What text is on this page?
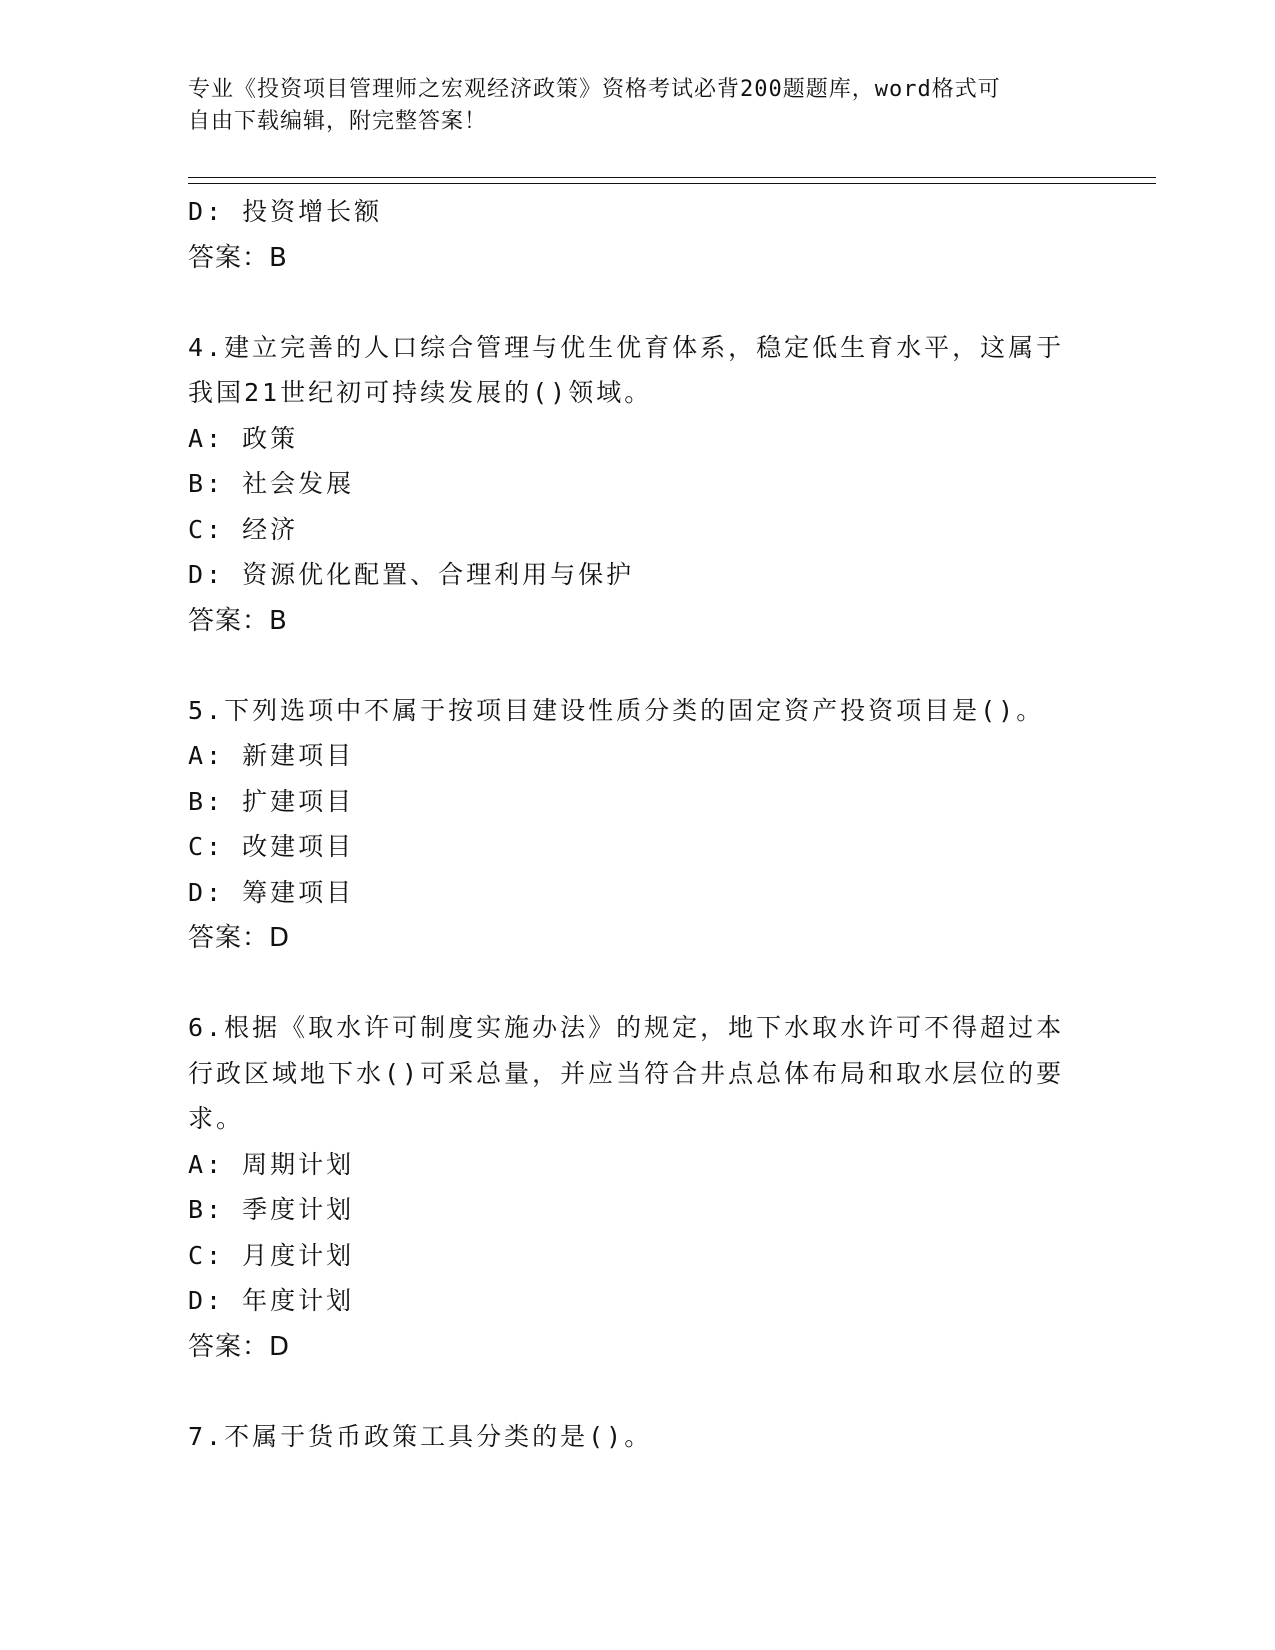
专业《投资项目管理师之宏观经济政策》资格考试必背200题题库，word格式可
自由下载编辑，附完整答案！
D: 投资增长额
答案：B
4.建立完善的人口综合管理与优生优育体系，稳定低生育水平，这属于我国21世纪初可持续发展的()领域。
A: 政策
B: 社会发展
C: 经济
D: 资源优化配置、合理利用与保护
答案：B
5.下列选项中不属于按项目建设性质分类的固定资产投资项目是()。
A: 新建项目
B: 扩建项目
C: 改建项目
D: 筹建项目
答案：D
6.根据《取水许可制度实施办法》的规定，地下水取水许可不得超过本行政区域地下水()可采总量，并应当符合井点总体布局和取水层位的要求。
A: 周期计划
B: 季度计划
C: 月度计划
D: 年度计划
答案：D
7.不属于货币政策工具分类的是()。
